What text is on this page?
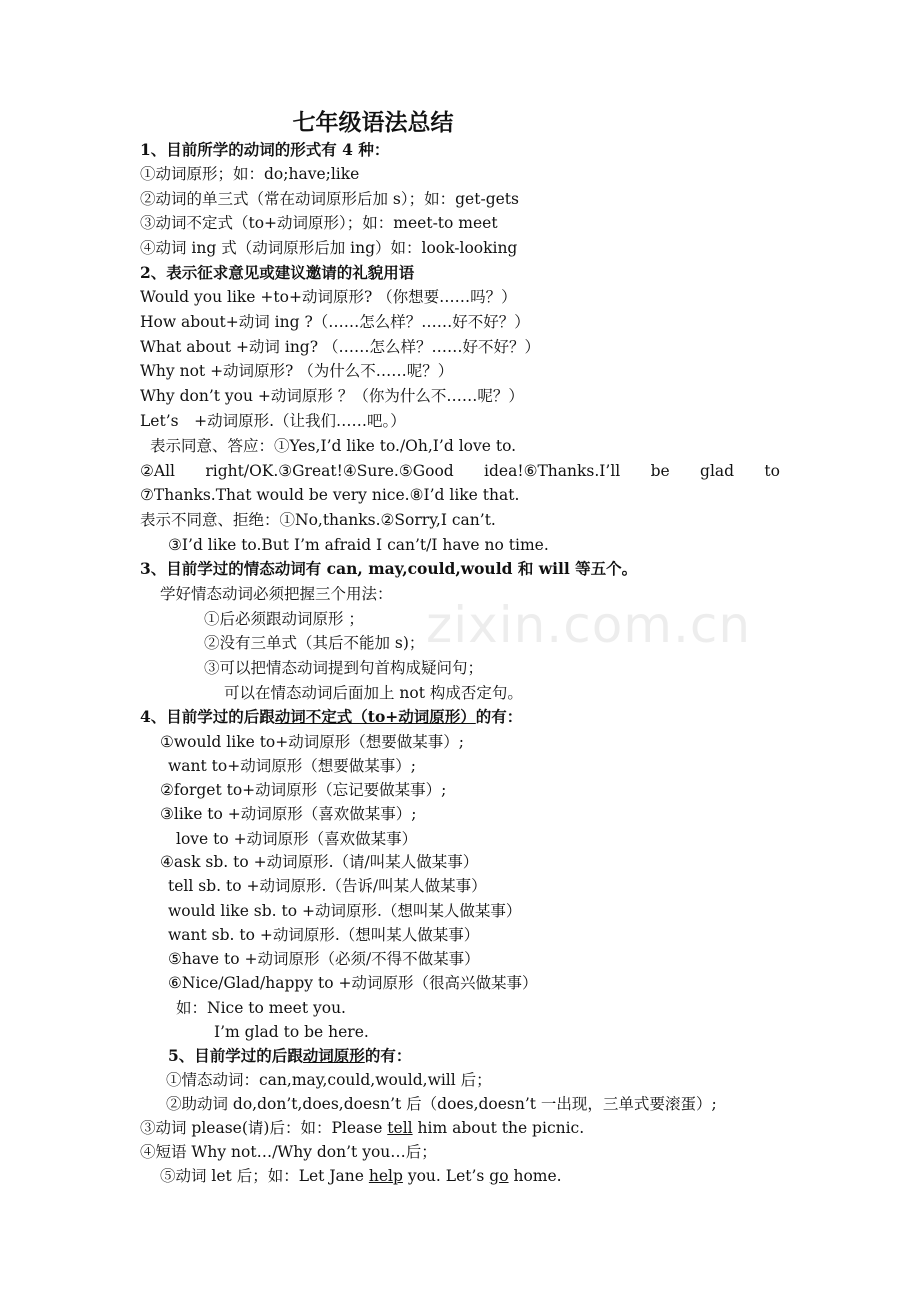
zixin.com.cn
七年级语法总结
1、目前所学的动词的形式有 4 种：
①动词原形；如：do;have;like
②动词的单三式（常在动词原形后加 s）；如：get-gets
③动词不定式（to+动词原形）；如：meet-to meet
④动词 ing 式（动词原形后加 ing）如：look-looking
2、表示征求意见或建议邀请的礼貌用语
Would you like +to+动词原形? （你想要……吗？）
How about+动词 ing ?（……怎么样？……好不好？）
What about +动词 ing? （……怎么样？……好不好？）
Why not +动词原形? （为什么不……呢？）
Why don’t you +动词原形 ？（你为什么不……呢？）
Let’s　+动词原形.（让我们……吧。）
表示同意、答应：①Yes,I’d like to./Oh,I’d love to.
②All right/OK.③Great!④Sure.⑤Good idea!⑥Thanks.I’ll be glad to
⑦Thanks.That would be very nice.⑧I’d like that.
表示不同意、拒绝：①No,thanks.②Sorry,I can’t.
③I’d like to.But I’m afraid I can’t/I have no time.
3、目前学过的情态动词有 can, may,could,would 和 will 等五个。
学好情态动词必须把握三个用法：
①后必须跟动词原形 ；
②没有三单式（其后不能加 s)；
③可以把情态动词提到句首构成疑问句；
可以在情态动词后面加上 not 构成否定句。
4、目前学过的后跟动词不定式（to+动词原形）的有：
①would like to+动词原形（想要做某事）;
want to+动词原形（想要做某事）;
②forget to+动词原形（忘记要做某事）;
③like to +动词原形（喜欢做某事）;
love to +动词原形（喜欢做某事）
④ask sb. to +动词原形.（请/叫某人做某事）
tell sb. to +动词原形.（告诉/叫某人做某事）
would like sb. to +动词原形.（想叫某人做某事）
want sb. to +动词原形.（想叫某人做某事）
⑤have to +动词原形（必须/不得不做某事）
⑥Nice/Glad/happy to +动词原形（很高兴做某事）
如：Nice to meet you.
I’m glad to be here.
5、目前学过的后跟动词原形的有：
①情态动词：can,may,could,would,will 后；
②助动词 do,don’t,does,doesn’t 后（does,doesn’t 一出现，三单式要滚蛋）;
③动词 please(请)后：如：Please tell him about the picnic.
④短语 Why not…/Why don’t you…后；
⑤动词 let 后；如：Let Jane help you. Let’s go home.
